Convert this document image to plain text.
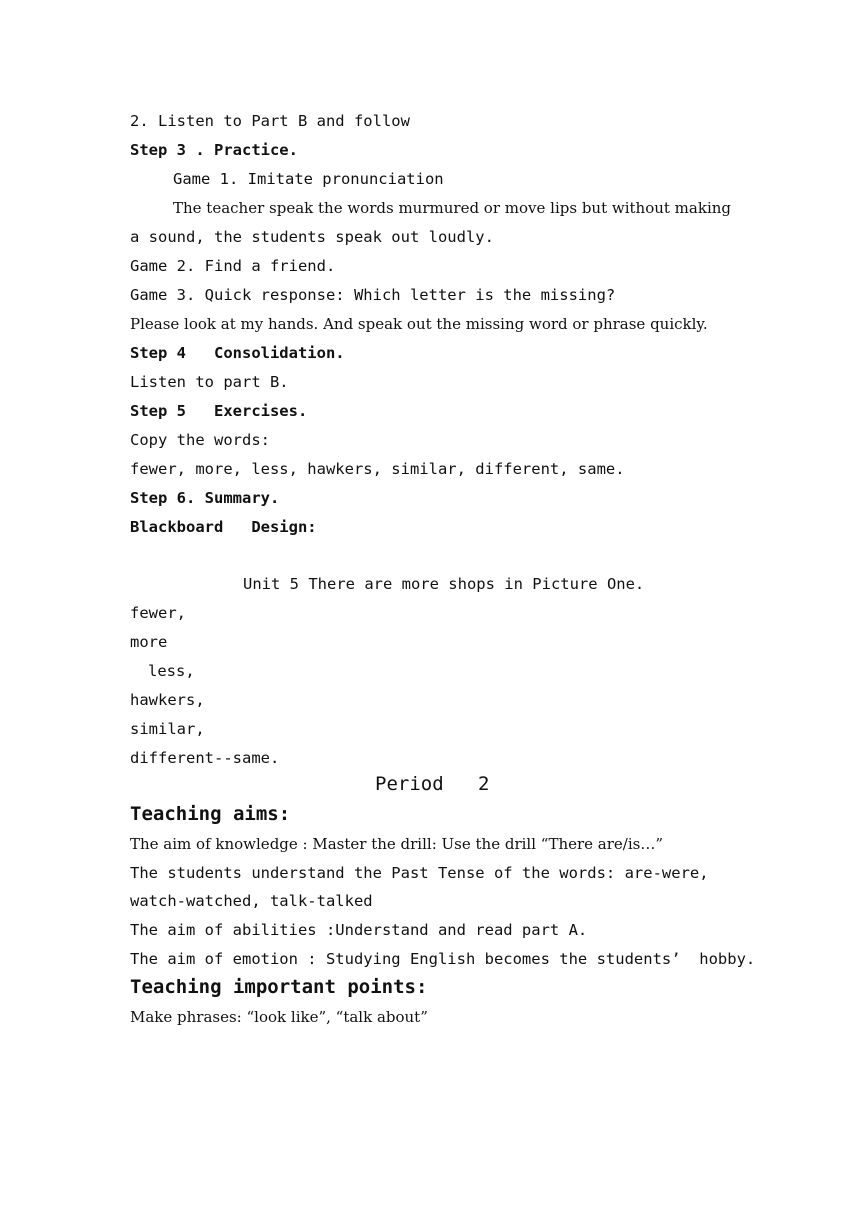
2. Listen to Part B and follow
Step 3 . Practice.
Game 1. Imitate pronunciation
The teacher speak the words murmured or move lips but without making
a sound, the students speak out loudly.
Game 2. Find a friend.
Game 3. Quick response: Which letter is the missing?
Please look at my hands. And speak out the missing word or phrase quickly.
Step 4   Consolidation.
Listen to part B.
Step 5   Exercises.
Copy the words:
fewer, more, less, hawkers, similar, different, same.
Step 6. Summary.
Blackboard   Design:
Unit 5 There are more shops in Picture One.
fewer,
more
less,
hawkers,
similar,
different--same.
Period   2
Teaching aims:
The aim of knowledge : Master the drill: Use the drill “There are/is…”
The students understand the Past Tense of the words: are-were,
watch-watched, talk-talked
The aim of abilities :Understand and read part A.
The aim of emotion : Studying English becomes the students’  hobby.
Teaching important points:
Make phrases: “look like”, “talk about”
